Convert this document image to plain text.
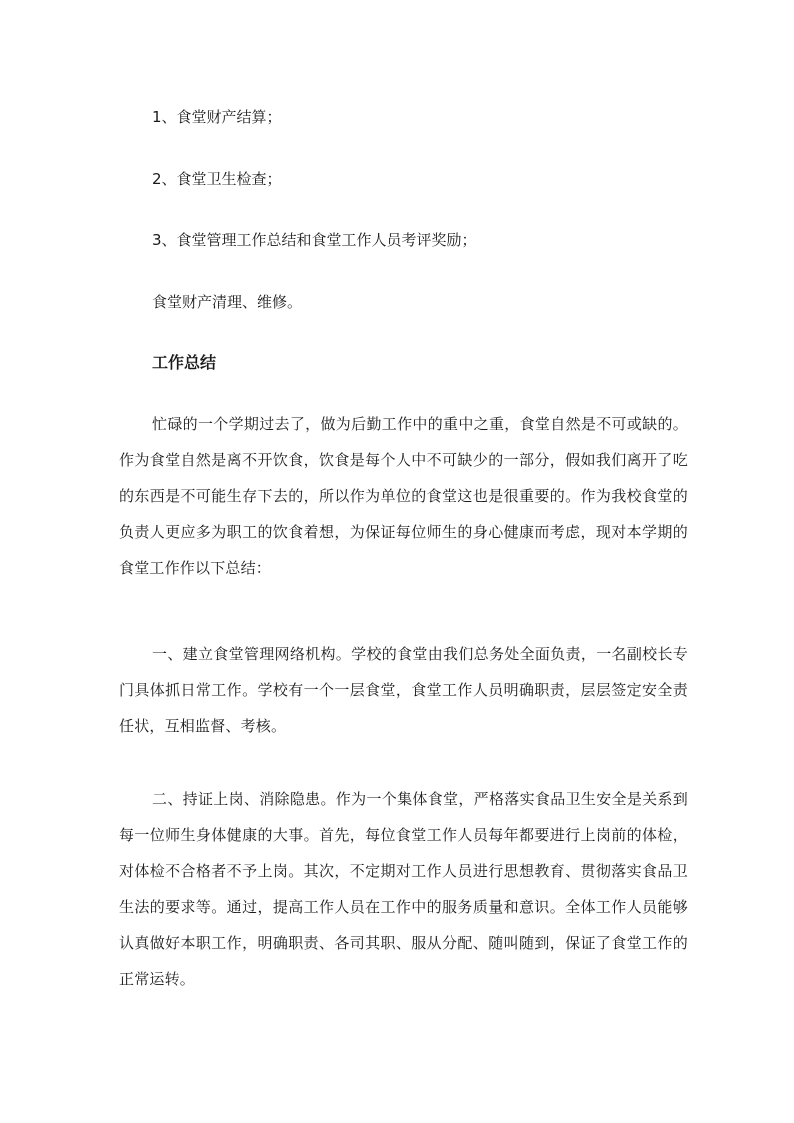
1、食堂财产结算；
2、食堂卫生检查；
3、食堂管理工作总结和食堂工作人员考评奖励；
食堂财产清理、维修。
工作总结

忙碌的一个学期过去了，做为后勤工作中的重中之重，食堂自然是不可或缺的。作为食堂自然是离不开饮食，饮食是每个人中不可缺少的一部分，假如我们离开了吃的东西是不可能生存下去的，所以作为单位的食堂这也是很重要的。作为我校食堂的负责人更应多为职工的饮食着想，为保证每位师生的身心健康而考虑，现对本学期的食堂工作作以下总结：

一、建立食堂管理网络机构。学校的食堂由我们总务处全面负责，一名副校长专门具体抓日常工作。学校有一个一层食堂，食堂工作人员明确职责，层层签定安全责任状，互相监督、考核。

二、持证上岗、消除隐患。作为一个集体食堂，严格落实食品卫生安全是关系到每一位师生身体健康的大事。首先，每位食堂工作人员每年都要进行上岗前的体检，对体检不合格者不予上岗。其次，不定期对工作人员进行思想教育、贯彻落实食品卫生法的要求等。通过，提高工作人员在工作中的服务质量和意识。全体工作人员能够认真做好本职工作，明确职责、各司其职、服从分配、随叫随到，保证了食堂工作的正常运转。
